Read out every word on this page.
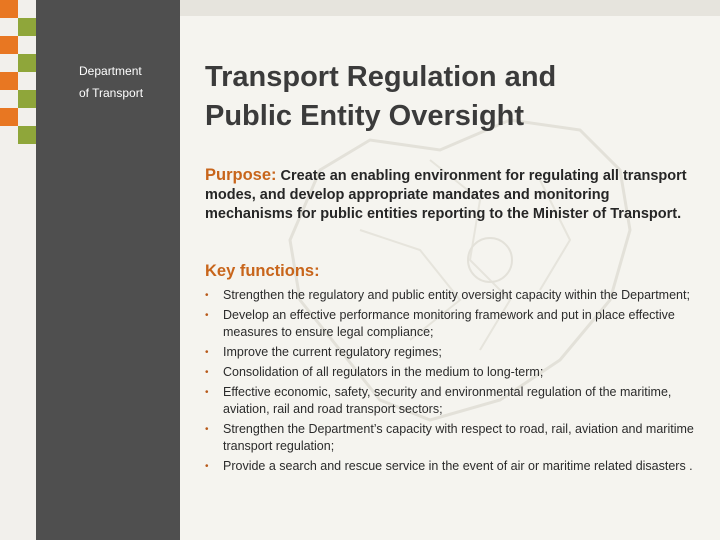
Department
of Transport Transport Regulation and
Public Entity Oversight
Purpose: Create an enabling environment for regulating all transport modes, and develop appropriate mandates and monitoring mechanisms for public entities reporting to the Minister of Transport.
Key functions:
• Strengthen the regulatory and public entity oversight capacity within the Department;
• Develop an effective performance monitoring framework and put in place effective measures to ensure legal compliance;
• Improve the current regulatory regimes;
• Consolidation of all regulators in the medium to long-term;
• Effective economic, safety, security and environmental regulation of the maritime, aviation, rail and road transport sectors;
• Strengthen the Department’s capacity with respect to road, rail, aviation and maritime transport regulation;
• Provide a search and rescue service in the event of air or maritime related disasters .
